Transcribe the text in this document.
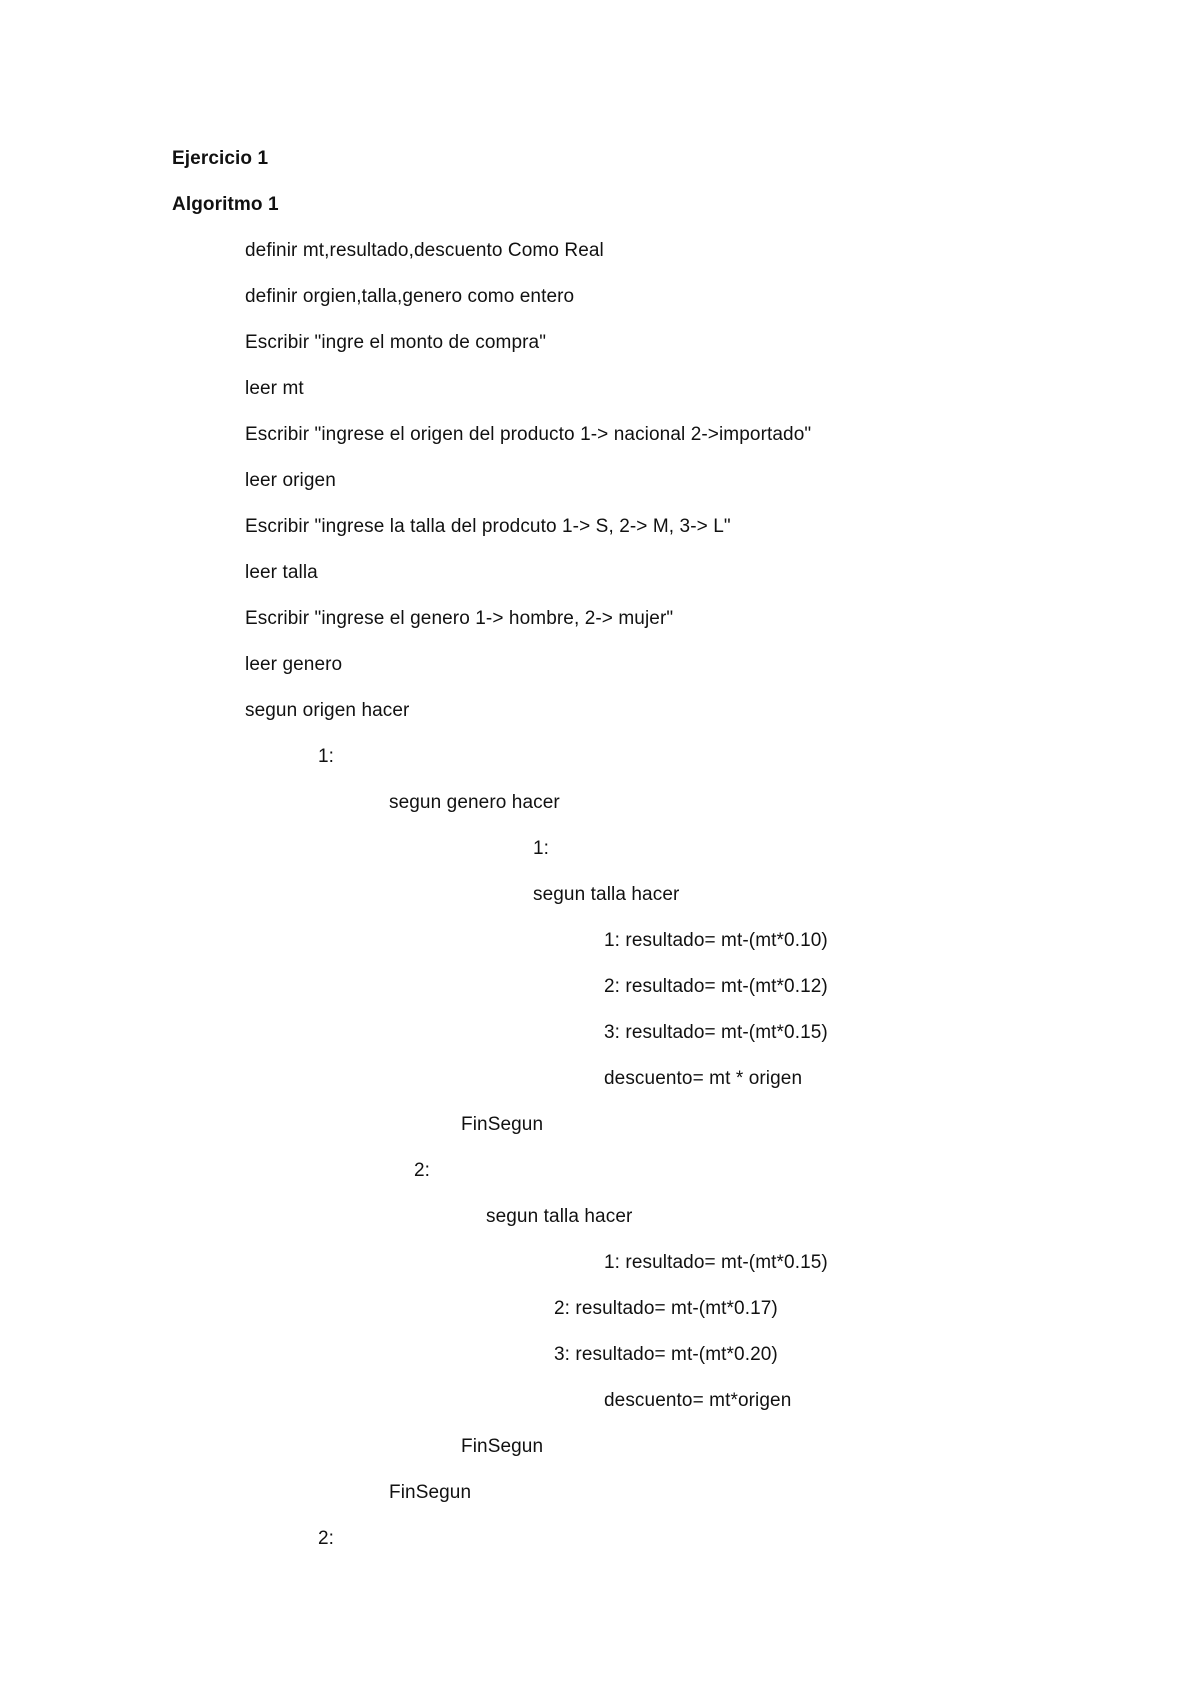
Ejercicio 1
Algoritmo 1
definir mt,resultado,descuento Como Real
definir orgien,talla,genero como entero
Escribir "ingre el monto de compra"
leer mt
Escribir "ingrese el origen del producto 1-> nacional 2->importado"
leer origen
Escribir "ingrese la talla del prodcuto 1-> S, 2-> M, 3-> L"
leer talla
Escribir "ingrese el genero 1-> hombre, 2-> mujer"
leer genero
segun origen hacer
1:
segun genero hacer
1:
segun talla hacer
1: resultado= mt-(mt*0.10)
2: resultado= mt-(mt*0.12)
3: resultado= mt-(mt*0.15)
descuento= mt * origen
FinSegun
2:
segun talla hacer
1: resultado= mt-(mt*0.15)
2: resultado= mt-(mt*0.17)
3: resultado= mt-(mt*0.20)
descuento= mt*origen
FinSegun
FinSegun
2:
